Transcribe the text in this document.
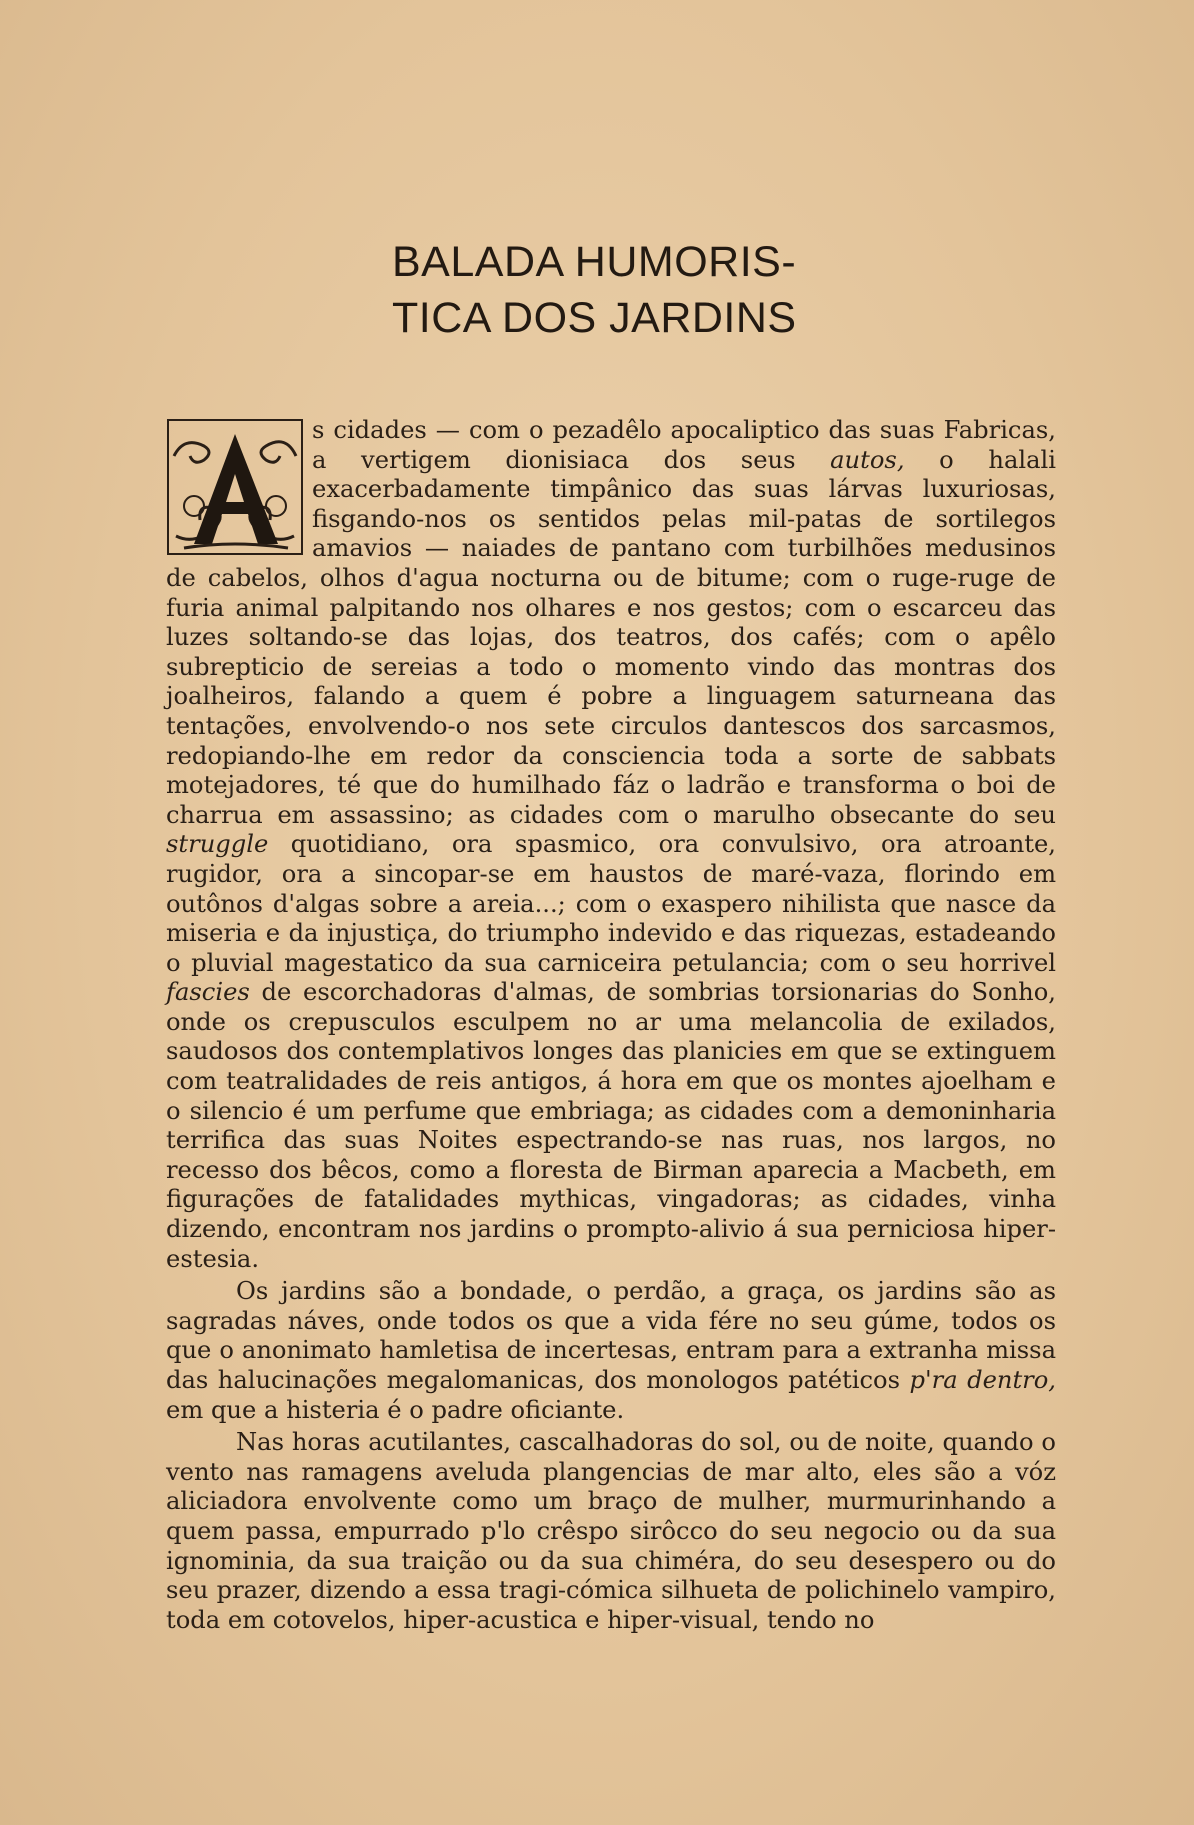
BALADA HUMORIS-
TICA DOS JARDINS

s cidades — com o pezadêlo apocaliptico das suas Fabricas, a vertigem dionisiaca dos seus autos, o halali exacerbadamente timpânico das suas lárvas luxuriosas, fisgando-nos os sentidos pelas mil-patas de sortilegos amavios — naiades de pantano com turbilhões medusinos de cabelos, olhos d'agua nocturna ou de bitume; com o ruge-ruge de furia animal palpitando nos olhares e nos gestos; com o escarceu das luzes soltando-se das lojas, dos teatros, dos cafés; com o apêlo subrepticio de sereias a todo o momento vindo das montras dos joalheiros, falando a quem é pobre a linguagem saturneana das tentações, envolvendo-o nos sete circulos dantescos dos sarcasmos, redopiando-lhe em redor da consciencia toda a sorte de sabbats motejadores, té que do humilhado fáz o ladrão e transforma o boi de charrua em assassino; as cidades com o marulho obsecante do seu struggle quotidiano, ora spasmico, ora convulsivo, ora atroante, rugidor, ora a sincopar-se em haustos de maré-vaza, florindo em outônos d'algas sobre a areia...; com o exaspero nihilista que nasce da miseria e da injustiça, do triumpho indevido e das riquezas, estadeando o pluvial magestatico da sua carniceira petulancia; com o seu horrivel fascies de escorchadoras d'almas, de sombrias torsionarias do Sonho, onde os crepusculos esculpem no ar uma melancolia de exilados, saudosos dos contemplativos longes das planicies em que se extinguem com teatralidades de reis antigos, á hora em que os montes ajoelham e o silencio é um perfume que embriaga; as cidades com a demoninharia terrifica das suas Noites espectrando-se nas ruas, nos largos, no recesso dos bêcos, como a floresta de Birman aparecia a Macbeth, em figurações de fatalidades mythicas, vingadoras; as cidades, vinha dizendo, encontram nos jardins o prompto-alivio á sua perniciosa hiper-estesia.

Os jardins são a bondade, o perdão, a graça, os jardins são as sagradas náves, onde todos os que a vida fére no seu gúme, todos os que o anonimato hamletisa de incertesas, entram para a extranha missa das halucinações megalomanicas, dos monologos patéticos p'ra dentro, em que a histeria é o padre oficiante.

Nas horas acutilantes, cascalhadoras do sol, ou de noite, quando o vento nas ramagens aveluda plangencias de mar alto, eles são a vóz aliciadora envolvente como um braço de mulher, murmurinhando a quem passa, empurrado p'lo crêspo sirôcco do seu negocio ou da sua ignominia, da sua traição ou da sua chiméra, do seu desespero ou do seu prazer, dizendo a essa tragi-cómica silhueta de polichinelo vampiro, toda em cotovelos, hiper-acustica e hiper-visual, tendo no
